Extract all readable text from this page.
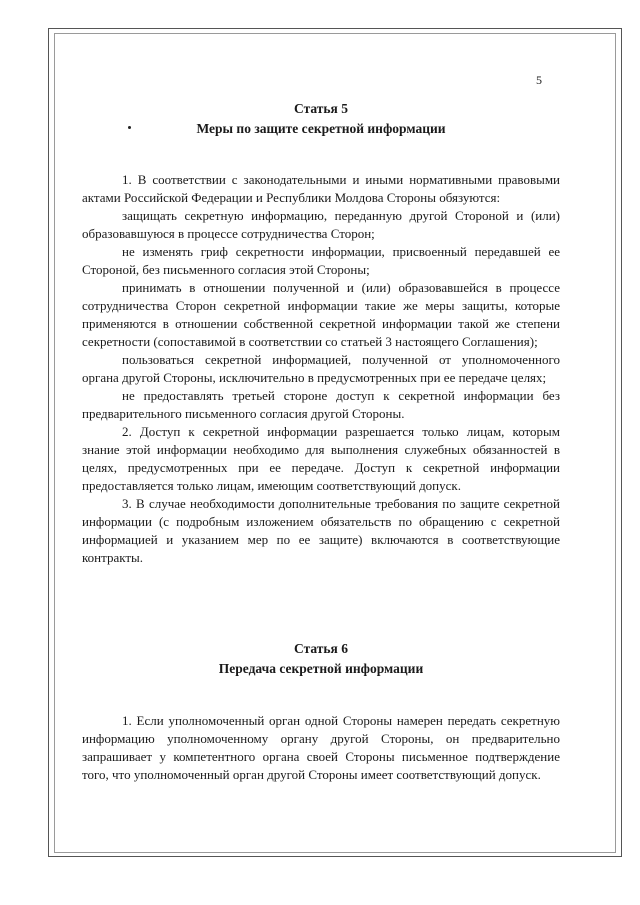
5
Статья 5
Меры по защите секретной информации

1. В соответствии с законодательными и иными нормативными правовыми актами Российской Федерации и Республики Молдова Стороны обязуются:

защищать секретную информацию, переданную другой Стороной и (или) образовавшуюся в процессе сотрудничества Сторон;

не изменять гриф секретности информации, присвоенный передавшей ее Стороной, без письменного согласия этой Стороны;

принимать в отношении полученной и (или) образовавшейся в процессе сотрудничества Сторон секретной информации такие же меры защиты, которые применяются в отношении собственной секретной информации такой же степени секретности (сопоставимой в соответствии со статьей 3 настоящего Соглашения);

пользоваться секретной информацией, полученной от уполномоченного органа другой Стороны, исключительно в предусмотренных при ее передаче целях;

не предоставлять третьей стороне доступ к секретной информации без предварительного письменного согласия другой Стороны.

2. Доступ к секретной информации разрешается только лицам, которым знание этой информации необходимо для выполнения служебных обязанностей в целях, предусмотренных при ее передаче. Доступ к секретной информации предоставляется только лицам, имеющим соответствующий допуск.

3. В случае необходимости дополнительные требования по защите секретной информации (с подробным изложением обязательств по обращению с секретной информацией и указанием мер по ее защите) включаются в соответствующие контракты.

Статья 6
Передача секретной информации

1. Если уполномоченный орган одной Стороны намерен передать секретную информацию уполномоченному органу другой Стороны, он предварительно запрашивает у компетентного органа своей Стороны письменное подтверждение того, что уполномоченный орган другой Стороны имеет соответствующий допуск.
